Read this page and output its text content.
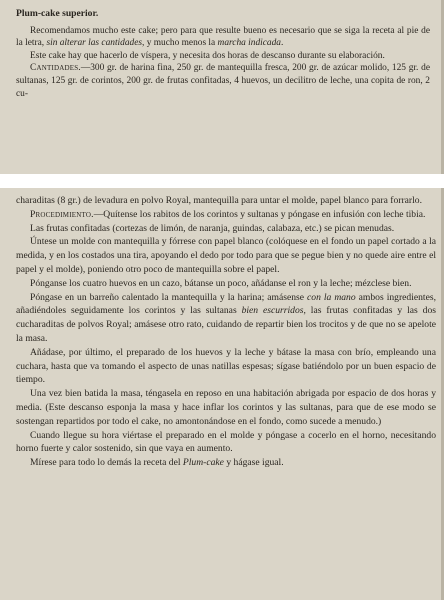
Plum-cake superior.

Recomendamos mucho este cake; pero para que resulte bueno es necesario que se siga la receta al pie de la letra, sin alterar las cantidades, y mucho menos la marcha indicada.

Este cake hay que hacerlo de víspera, y necesita dos horas de descanso durante su elaboración.

Cantidades.—300 gr. de harina fina, 250 gr. de mantequilla fresca, 200 gr. de azúcar molido, 125 gr. de sultanas, 125 gr. de corintos, 200 gr. de frutas confitadas, 4 huevos, un decilitro de leche, una copita de ron, 2 cu-

charaditas (8 gr.) de levadura en polvo Royal, mantequilla para untar el molde, papel blanco para forrarlo.

Procedimiento.—Quítense los rabitos de los corintos y sultanas y póngase en infusión con leche tibia.

Las frutas confitadas (cortezas de limón, de naranja, guindas, calabaza, etc.) se pican menudas.

Úntese un molde con mantequilla y fórrese con papel blanco (colóquese en el fondo un papel cortado a la medida, y en los costados una tira, apoyando el dedo por todo para que se pegue bien y no quede aire entre el papel y el molde), poniendo otro poco de mantequilla sobre el papel.

Pónganse los cuatro huevos en un cazo, bátanse un poco, añádanse el ron y la leche; mézclese bien.

Póngase en un barreño calentado la mantequilla y la harina; amásense con la mano ambos ingredientes, añadiéndoles seguidamente los corintos y las sultanas bien escurridos, las frutas confitadas y las dos cucharaditas de polvos Royal; amásese otro rato, cuidando de repartir bien los trocitos y de que no se apelote la masa.

Añádase, por último, el preparado de los huevos y la leche y bátase la masa con brío, empleando una cuchara, hasta que va tomando el aspecto de unas natillas espesas; sígase batiéndolo por un buen espacio de tiempo.

Una vez bien batida la masa, téngasela en reposo en una habitación abrigada por espacio de dos horas y media. (Este descanso esponja la masa y hace inflar los corintos y las sultanas, para que de ese modo se sostengan repartidos por todo el cake, no amontonándose en el fondo, como sucede a menudo.)

Cuando llegue su hora viértase el preparado en el molde y póngase a cocerlo en el horno, necesitando horno fuerte y calor sostenido, sin que vaya en aumento.

Mírese para todo lo demás la receta del Plum-cake y hágase igual.
